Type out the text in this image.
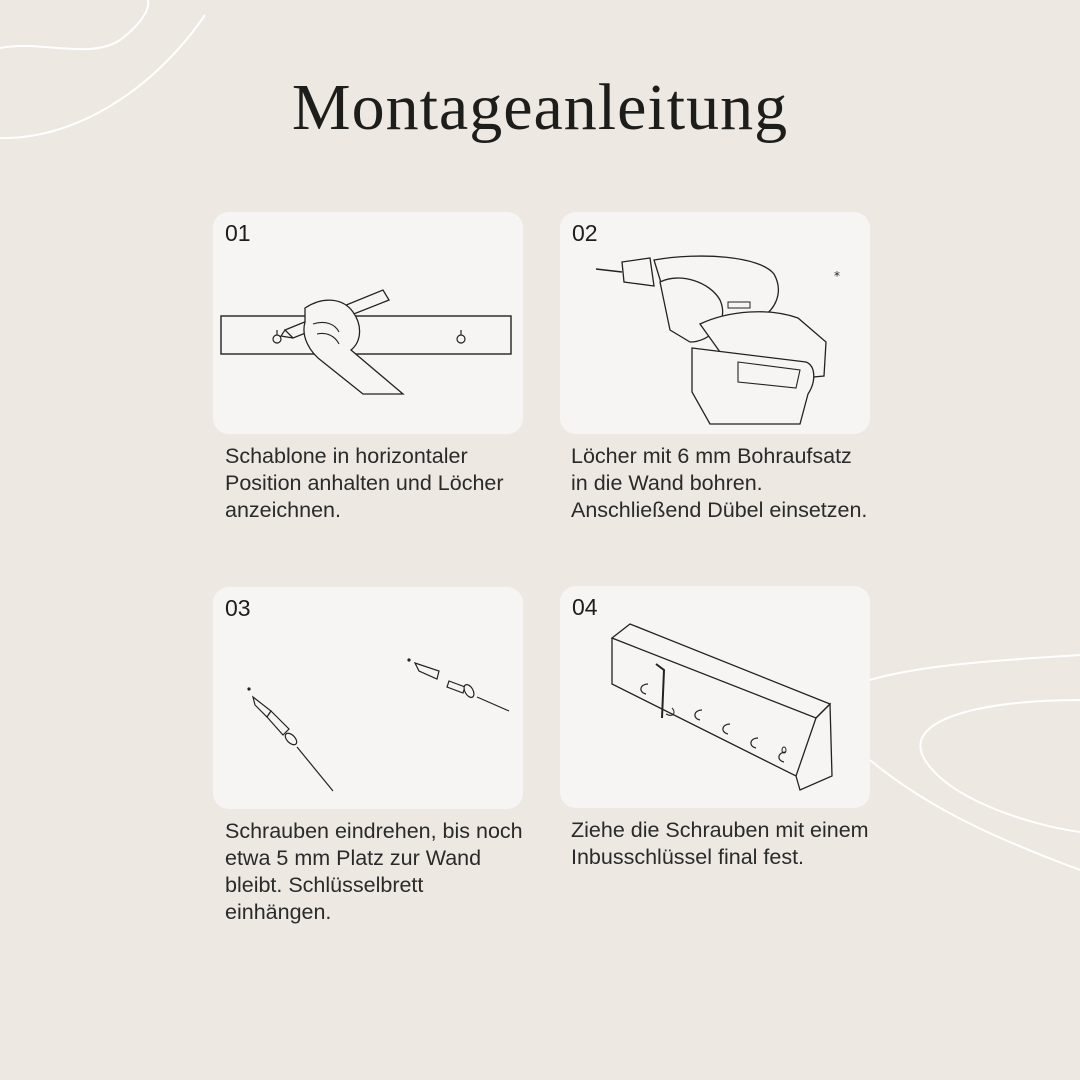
Montageanleitung
01
Schablone in horizontaler Position anhalten und Löcher anzeichnen.
02
*
Löcher mit 6 mm Bohraufsatz in die Wand bohren. Anschließend Dübel einsetzen.
03
Schrauben eindrehen, bis noch etwa 5 mm Platz zur Wand bleibt. Schlüsselbrett einhängen.
04
Ziehe die Schrauben mit einem Inbusschlüssel final fest.
